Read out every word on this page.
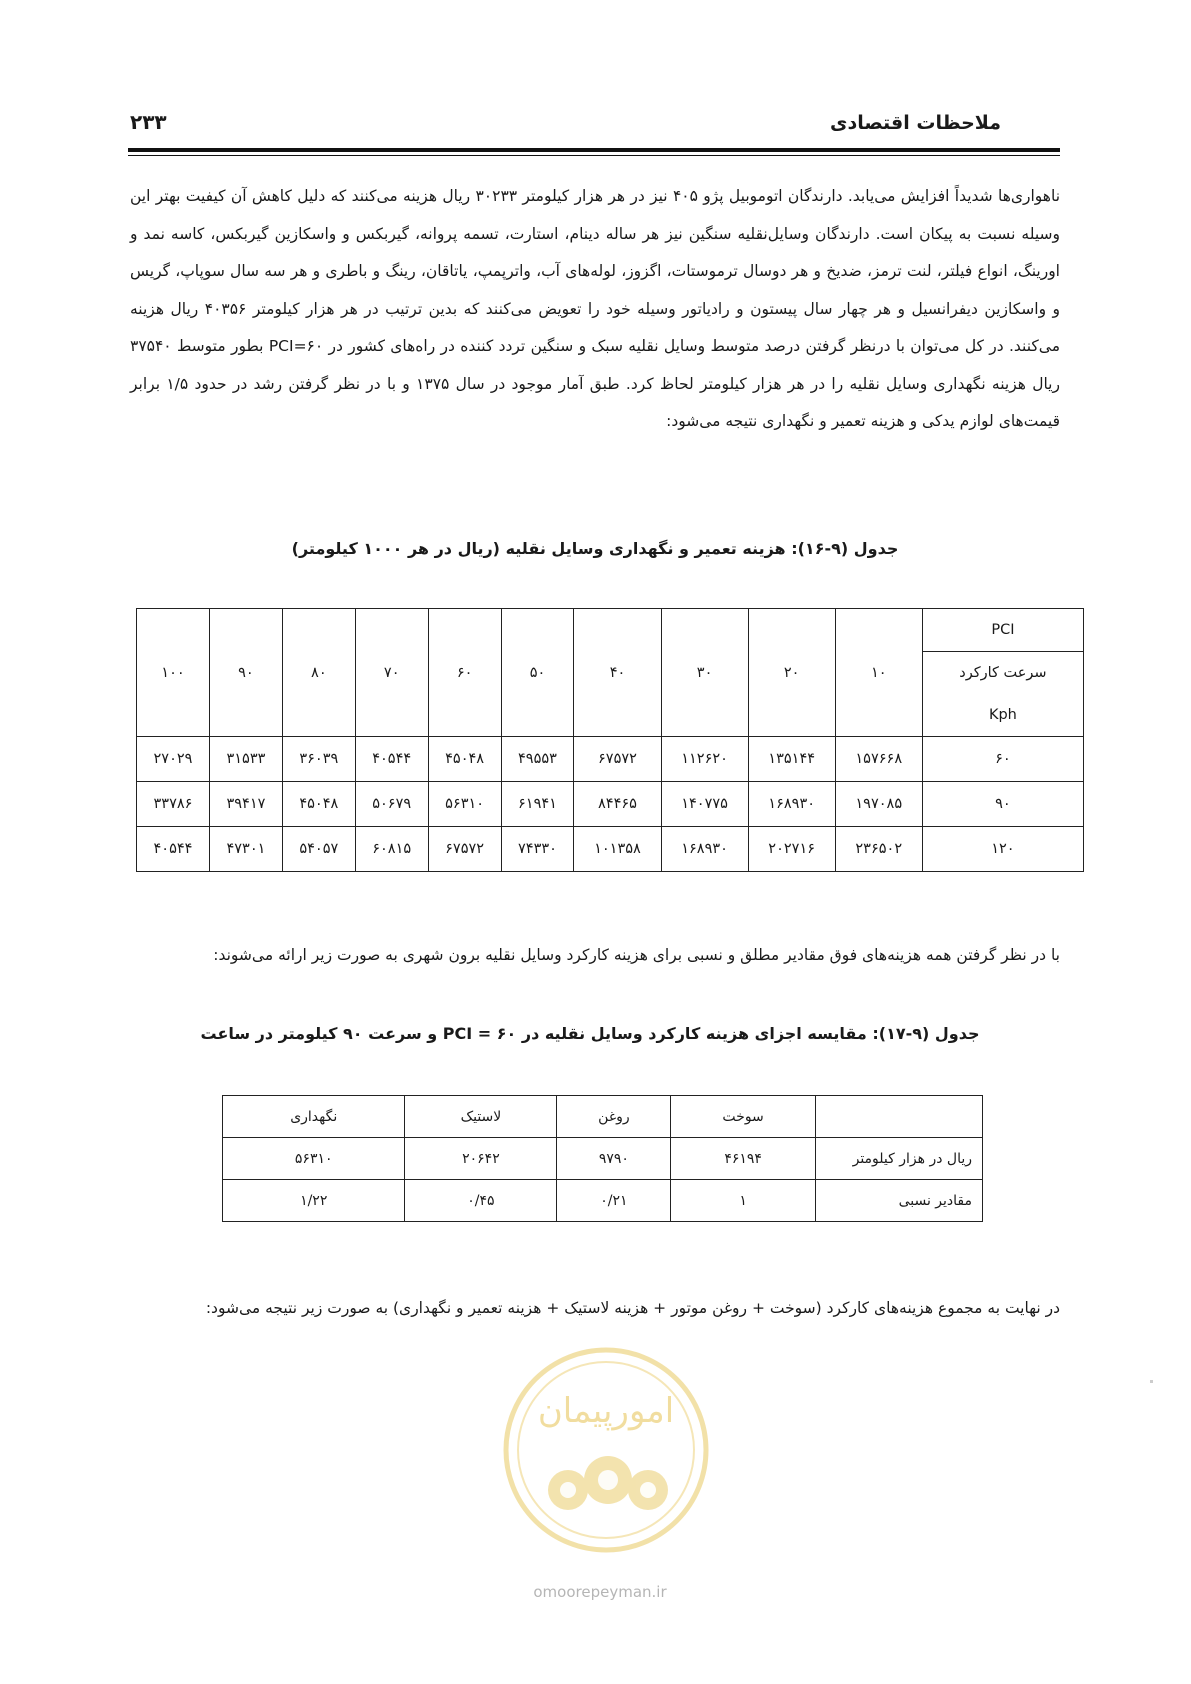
ملاحظات اقتصادی
۲۳۳
ناهواری‌ها شدیداً افزایش می‌یابد. دارندگان اتوموبیل پژو ۴۰۵ نیز در هر هزار کیلومتر ۳۰۲۳۳ ریال هزینه می‌کنند که دلیل کاهش آن کیفیت بهتر این وسیله نسبت به پیکان است. دارندگان وسایل‌نقلیه سنگین نیز هر ساله دینام، استارت، تسمه پروانه، گیربکس و واسکازین گیربکس، کاسه نمد و اورینگ، انواع فیلتر، لنت ترمز، ضدیخ و هر دوسال ترموستات، اگزوز، لوله‌های آب، واترپمپ، یاتاقان، رینگ و باطری و هر سه سال سوپاپ، گریس و واسکازین دیفرانسیل و هر چهار سال پیستون و رادیاتور وسیله خود را تعویض می‌کنند که بدین ترتیب در هر هزار کیلومتر ۴۰۳۵۶ ریال هزینه می‌کنند. در کل می‌توان با درنظر گرفتن درصد متوسط وسایل نقلیه سبک و سنگین تردد کننده در راه‌های کشور در PCI=۶۰ بطور متوسط ۳۷۵۴۰ ریال هزینه نگهداری وسایل نقلیه را در هر هزار کیلومتر لحاظ کرد. طبق آمار موجود در سال ۱۳۷۵ و با در نظر گرفتن رشد در حدود ۱/۵ برابر قیمت‌های لوازم یدکی و هزینه تعمیر و نگهداری نتیجه می‌شود:
جدول (۹-۱۶): هزینه تعمیر و نگهداری وسایل نقلیه (ریال در هر ۱۰۰۰ کیلومتر)
PCI	۱۰	۲۰	۳۰	۴۰	۵۰	۶۰	۷۰	۸۰	۹۰	۱۰۰
سرعت کارکرد										
Kph										
۶۰	۱۵۷۶۶۸	۱۳۵۱۴۴	۱۱۲۶۲۰	۶۷۵۷۲	۴۹۵۵۳	۴۵۰۴۸	۴۰۵۴۴	۳۶۰۳۹	۳۱۵۳۳	۲۷۰۲۹
۹۰	۱۹۷۰۸۵	۱۶۸۹۳۰	۱۴۰۷۷۵	۸۴۴۶۵	۶۱۹۴۱	۵۶۳۱۰	۵۰۶۷۹	۴۵۰۴۸	۳۹۴۱۷	۳۳۷۸۶
۱۲۰	۲۳۶۵۰۲	۲۰۲۷۱۶	۱۶۸۹۳۰	۱۰۱۳۵۸	۷۴۳۳۰	۶۷۵۷۲	۶۰۸۱۵	۵۴۰۵۷	۴۷۳۰۱	۴۰۵۴۴
با در نظر گرفتن همه هزینه‌های فوق مقادیر مطلق و نسبی برای هزینه کارکرد وسایل نقلیه برون شهری به صورت زیر ارائه می‌شوند:
جدول (۹-۱۷): مقایسه اجزای هزینه کارکرد وسایل نقلیه در PCI = ۶۰ و سرعت ۹۰ کیلومتر در ساعت
	سوخت	روغن	لاستیک	نگهداری
ریال در هزار کیلومتر	۴۶۱۹۴	۹۷۹۰	۲۰۶۴۲	۵۶۳۱۰
مقادیر نسبی	۱	۰/۲۱	۰/۴۵	۱/۲۲
در نهایت به مجموع هزینه‌های کارکرد (سوخت + روغن موتور + هزینه لاستیک + هزینه تعمیر و نگهداری) به صورت زیر نتیجه می‌شود:
امورپیمان
omoorepeyman.ir
